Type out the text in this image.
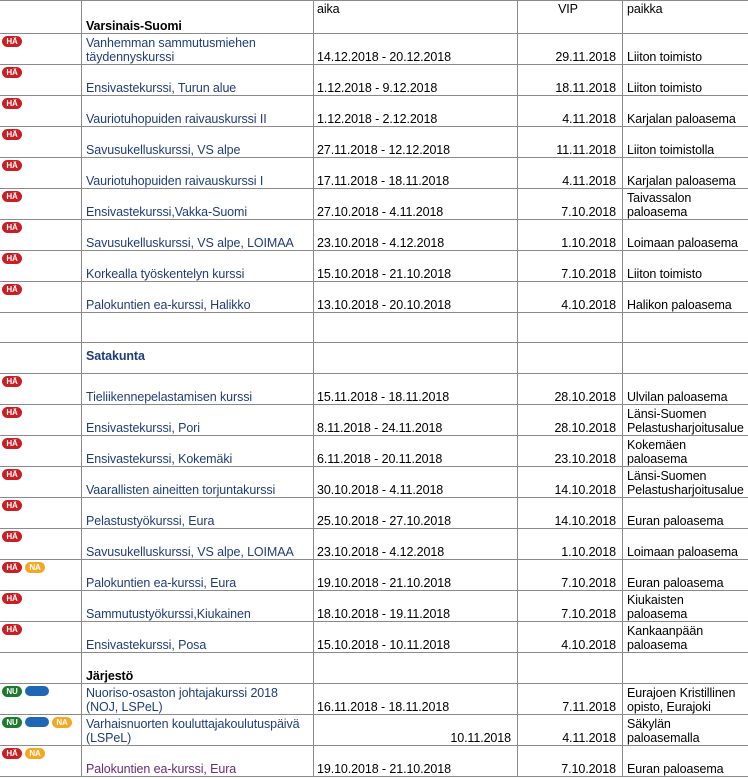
	Varsinais-Suomi	aika	VIP	paikka
HÄ	Vanhemman sammutusmiehen täydennyskurssi	14.12.2018 - 20.12.2018	29.11.2018	Liiton toimisto
HÄ	Ensivastekurssi, Turun alue	1.12.2018 - 9.12.2018	18.11.2018	Liiton toimisto
HÄ	Vauriotuhopuiden raivauskurssi II	1.12.2018 - 2.12.2018	4.11.2018	Karjalan paloasema
HÄ	Savusukelluskurssi, VS alpe	27.11.2018 - 12.12.2018	11.11.2018	Liiton toimistolla
HÄ	Vauriotuhopuiden raivauskurssi I	17.11.2018 - 18.11.2018	4.11.2018	Karjalan paloasema
HÄ	Ensivastekurssi,Vakka-Suomi	27.10.2018 - 4.11.2018	7.10.2018	Taivassalon paloasema
HÄ	Savusukelluskurssi, VS alpe, LOIMAA	23.10.2018 - 4.12.2018	1.10.2018	Loimaan paloasema
HÄ	Korkealla työskentelyn kurssi	15.10.2018 - 21.10.2018	7.10.2018	Liiton toimisto
HÄ	Palokuntien ea-kurssi, Halikko	13.10.2018 - 20.10.2018	4.10.2018	Halikon paloasema

	Satakunta			
HÄ	Tieliikennepelastamisen kurssi	15.11.2018 - 18.11.2018	28.10.2018	Ulvilan paloasema
HÄ	Ensivastekurssi, Pori	8.11.2018 - 24.11.2018	28.10.2018	Länsi-Suomen Pelastusharjoitusalue
HÄ	Ensivastekurssi, Kokemäki	6.11.2018 - 20.11.2018	23.10.2018	Kokemäen paloasema
HÄ	Vaarallisten aineitten torjuntakurssi	30.10.2018 - 4.11.2018	14.10.2018	Länsi-Suomen Pelastusharjoitusalue
HÄ	Pelastustyökurssi, Eura	25.10.2018 - 27.10.2018	14.10.2018	Euran paloasema
HÄ	Savusukelluskurssi, VS alpe, LOIMAA	23.10.2018 - 4.12.2018	1.10.2018	Loimaan paloasema
HÄ NA	Palokuntien ea-kurssi, Eura	19.10.2018 - 21.10.2018	7.10.2018	Euran paloasema
HÄ	Sammutustyökurssi,Kiukainen	18.10.2018 - 19.11.2018	7.10.2018	Kiukaisten paloasema
HÄ	Ensivastekurssi, Posa	15.10.2018 - 10.11.2018	4.10.2018	Kankaanpään paloasema
	Järjestö			
NU	Nuoriso-osaston johtajakurssi 2018 (NOJ, LSPeL)	16.11.2018 - 18.11.2018	7.11.2018	Eurajoen Kristillinen opisto, Eurajoki
NU NA	Varhaisnuorten kouluttajakoulutuspäivä (LSPeL)	10.11.2018	4.11.2018	Säkylän paloasemalla
HÄ NA	Palokuntien ea-kurssi, Eura	19.10.2018 - 21.10.2018	7.10.2018	Euran paloasema
